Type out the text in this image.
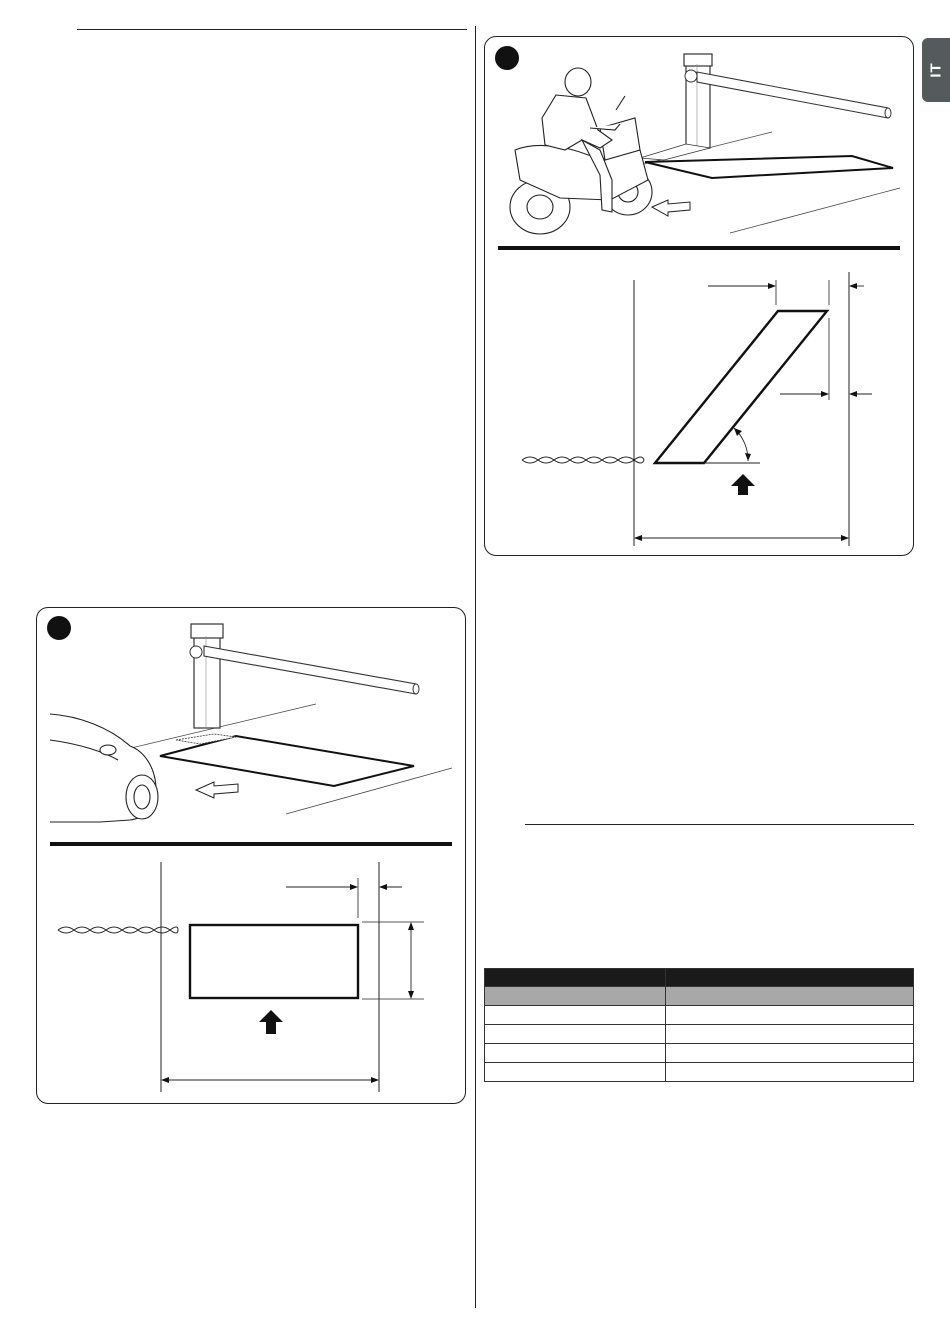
IT
